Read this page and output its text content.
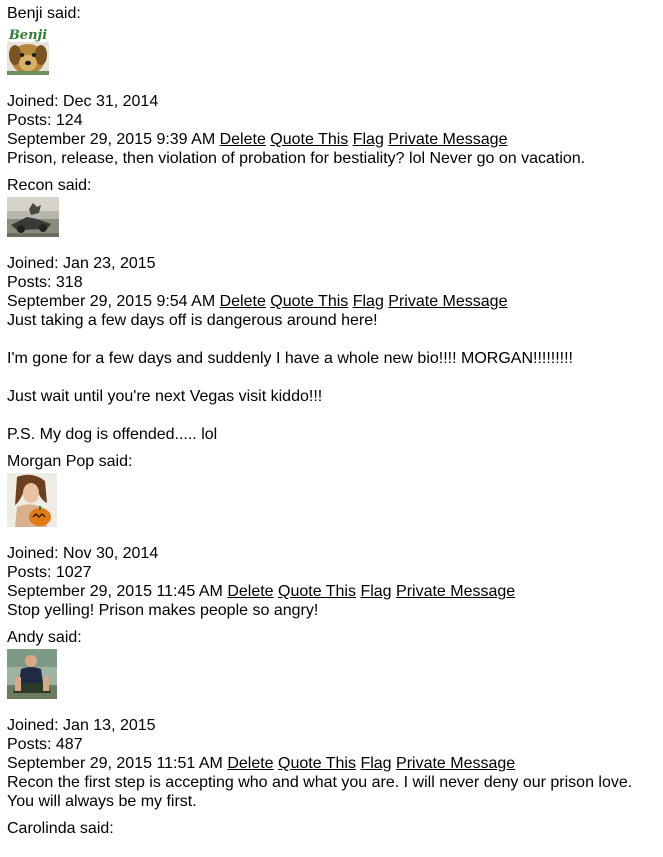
Benji said:
Benji
Joined: Dec 31, 2014
Posts: 124
September 29, 2015 9:39 AM Delete Quote This Flag Private Message

Prison, release, then violation of probation for bestiality? lol Never go on vacation.

Recon said:
Joined: Jan 23, 2015
Posts: 318
September 29, 2015 9:54 AM Delete Quote This Flag Private Message

Just taking a few days off is dangerous around here!

I'm gone for a few days and suddenly I have a whole new bio!!!! MORGAN!!!!!!!!!

Just wait until you're next Vegas visit kiddo!!!

P.S. My dog is offended..... lol

Morgan Pop said:
Joined: Nov 30, 2014
Posts: 1027
September 29, 2015 11:45 AM Delete Quote This Flag Private Message

Stop yelling! Prison makes people so angry!

Andy said:
Joined: Jan 13, 2015
Posts: 487
September 29, 2015 11:51 AM Delete Quote This Flag Private Message

Recon the first step is accepting who and what you are. I will never deny our prison love. You will always be my first.

Carolinda said:
